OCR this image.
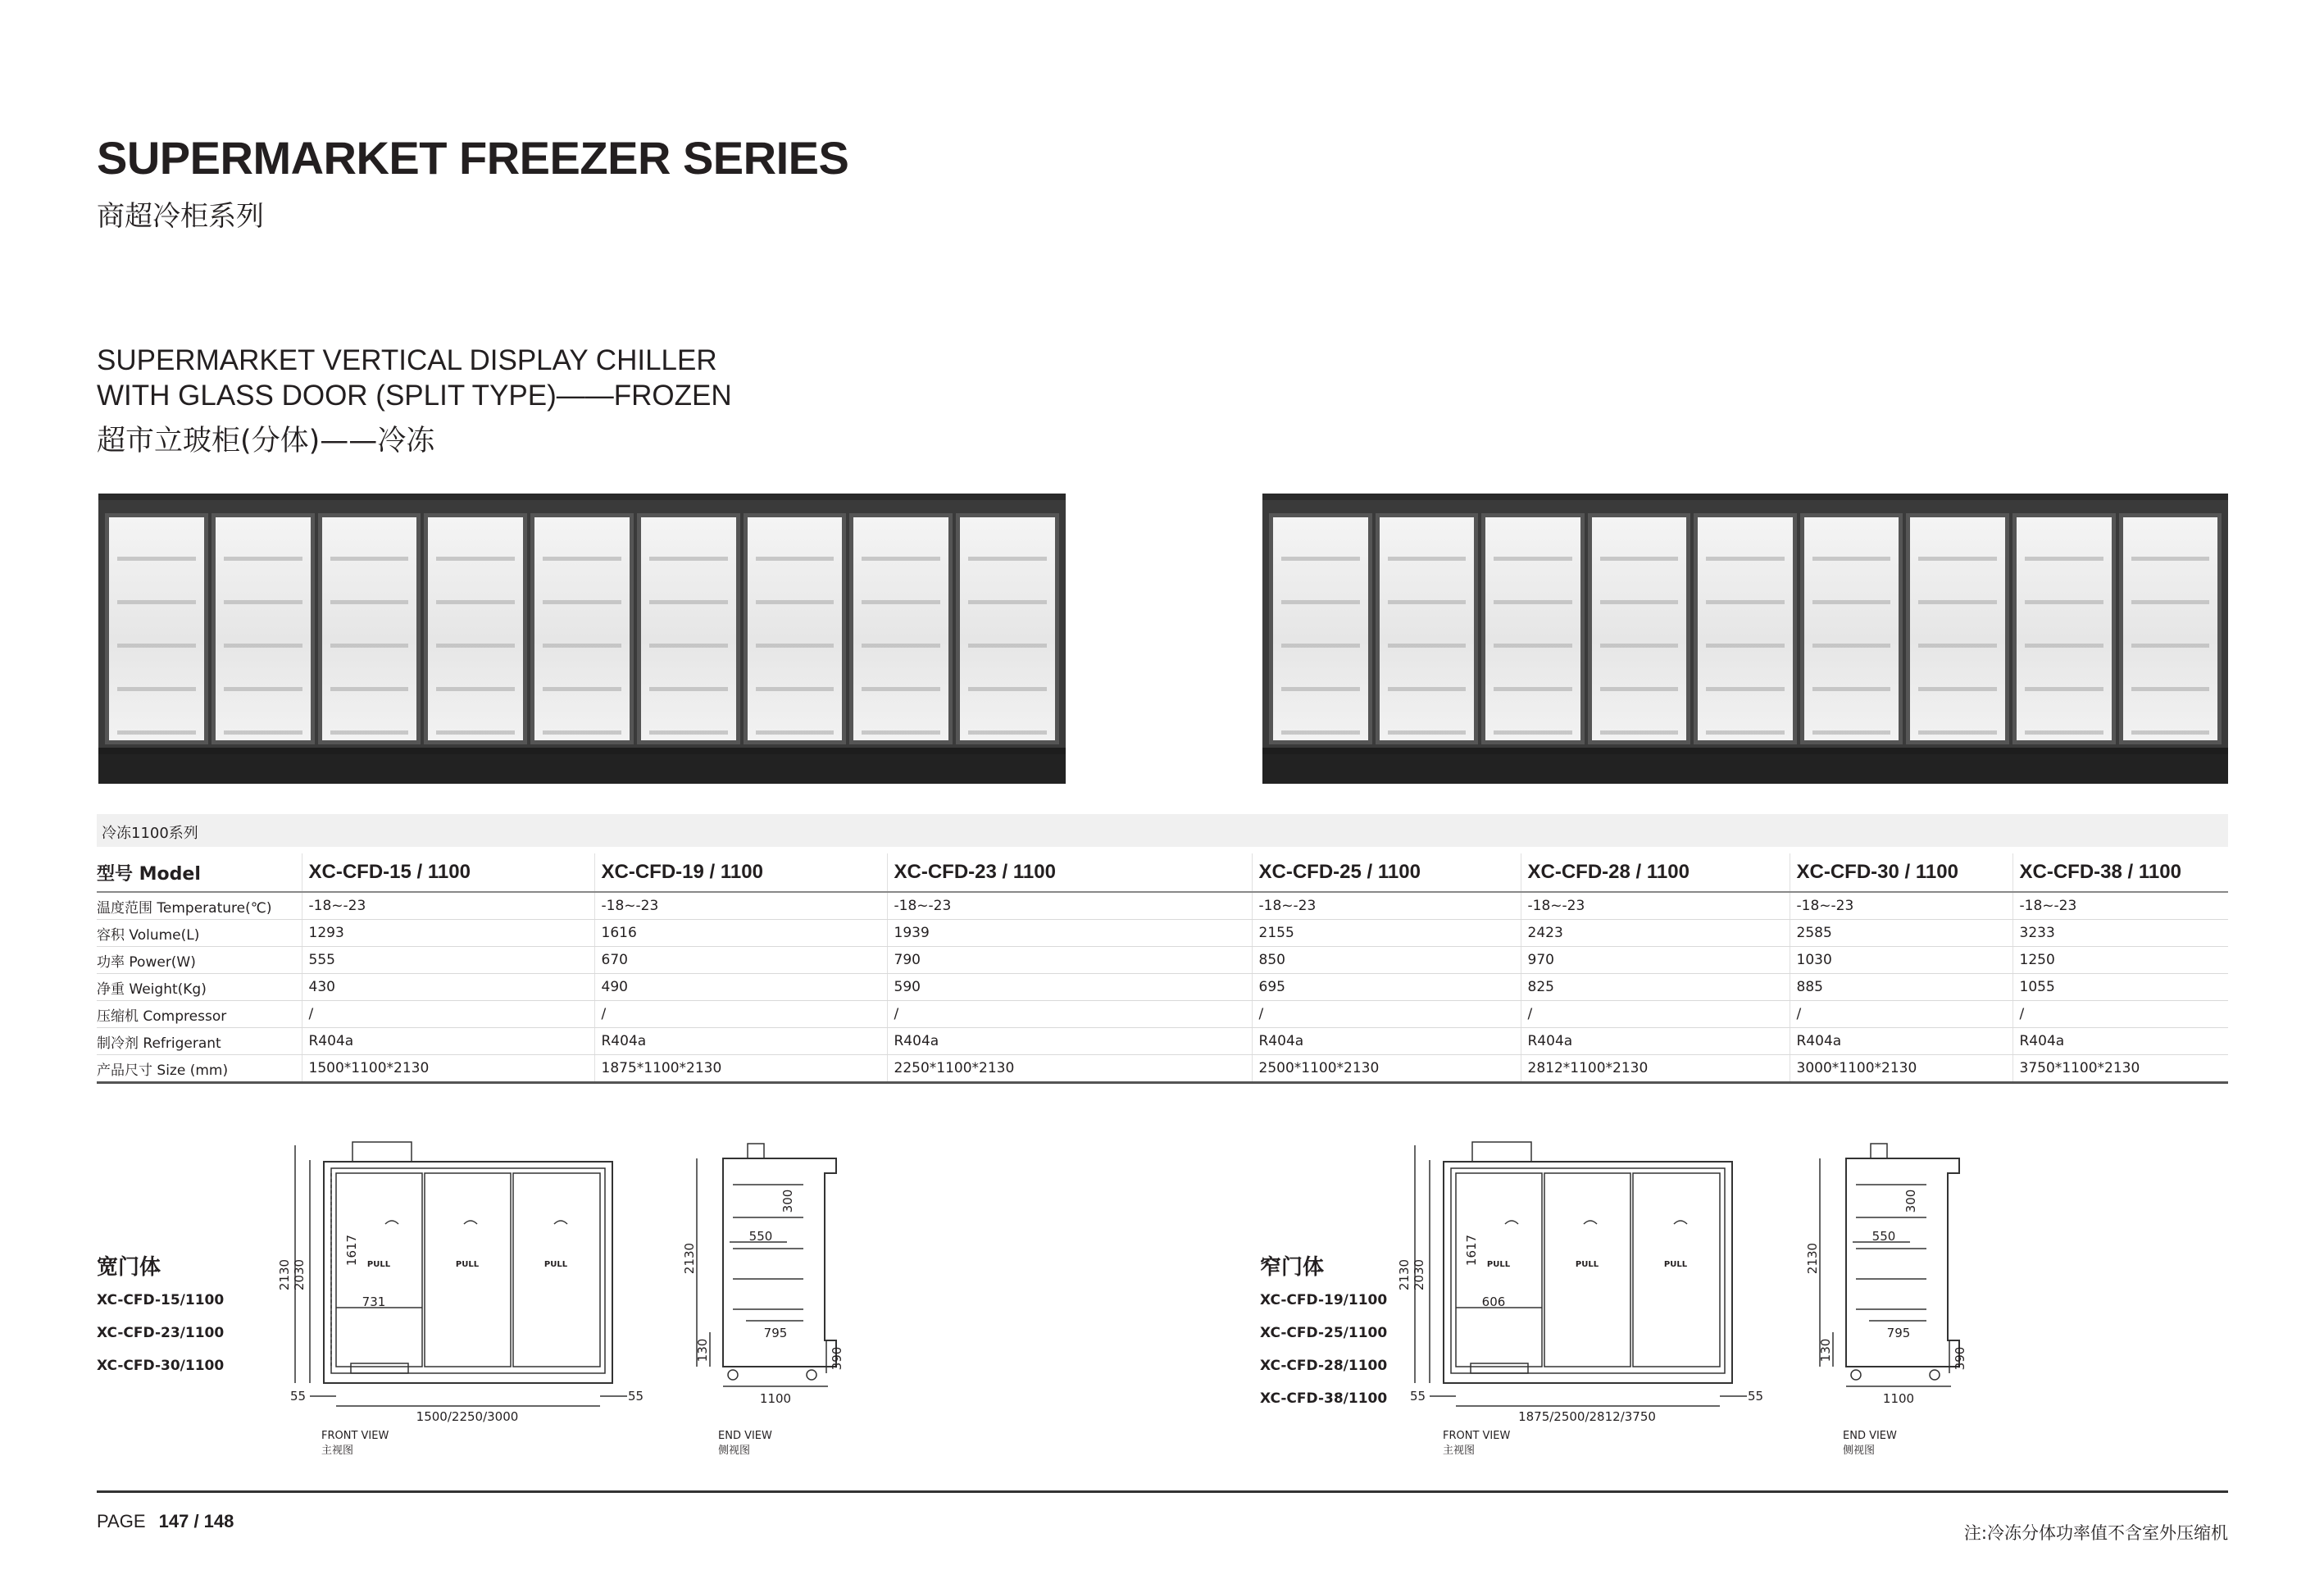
SUPERMARKET FREEZER SERIES
商超冷柜系列
SUPERMARKET VERTICAL DISPLAY CHILLER
WITH GLASS DOOR (SPLIT TYPE)——FROZEN
超市立玻柜(分体)——冷冻
冷冻1100系列
型号 Model	XC-CFD-15 / 1100	XC-CFD-19 / 1100	XC-CFD-23 / 1100	XC-CFD-25 / 1100	XC-CFD-28 / 1100	XC-CFD-30 / 1100	XC-CFD-38 / 1100
温度范围 Temperature(℃)	-18~-23	-18~-23	-18~-23	-18~-23	-18~-23	-18~-23	-18~-23
容积 Volume(L)	1293	1616	1939	2155	2423	2585	3233
功率 Power(W)	555	670	790	850	970	1030	1250
净重 Weight(Kg)	430	490	590	695	825	885	1055
压缩机 Compressor	/	/	/	/	/	/	/
制冷剂 Refrigerant	R404a	R404a	R404a	R404a	R404a	R404a	R404a
产品尺寸 Size (mm)	1500*1100*2130	1875*1100*2130	2250*1100*2130	2500*1100*2130	2812*1100*2130	3000*1100*2130	3750*1100*2130
宽门体
XC-CFD-15/1100
XC-CFD-23/1100
XC-CFD-30/1100
2130 2030
1617
731
55	55
1500/2250/3000
PULL	PULL	PULL
FRONT VIEW
主视图
2130
300
550
795
130	390
1100
END VIEW
侧视图
窄门体
XC-CFD-19/1100
XC-CFD-25/1100
XC-CFD-28/1100
XC-CFD-38/1100
2130 2030
1617
606
55	55
1875/2500/2812/3750
PULL	PULL	PULL
FRONT VIEW
主视图
2130
300
550
795
130	390
1100
END VIEW
侧视图
PAGE 147 / 148
注:冷冻分体功率值不含室外压缩机
